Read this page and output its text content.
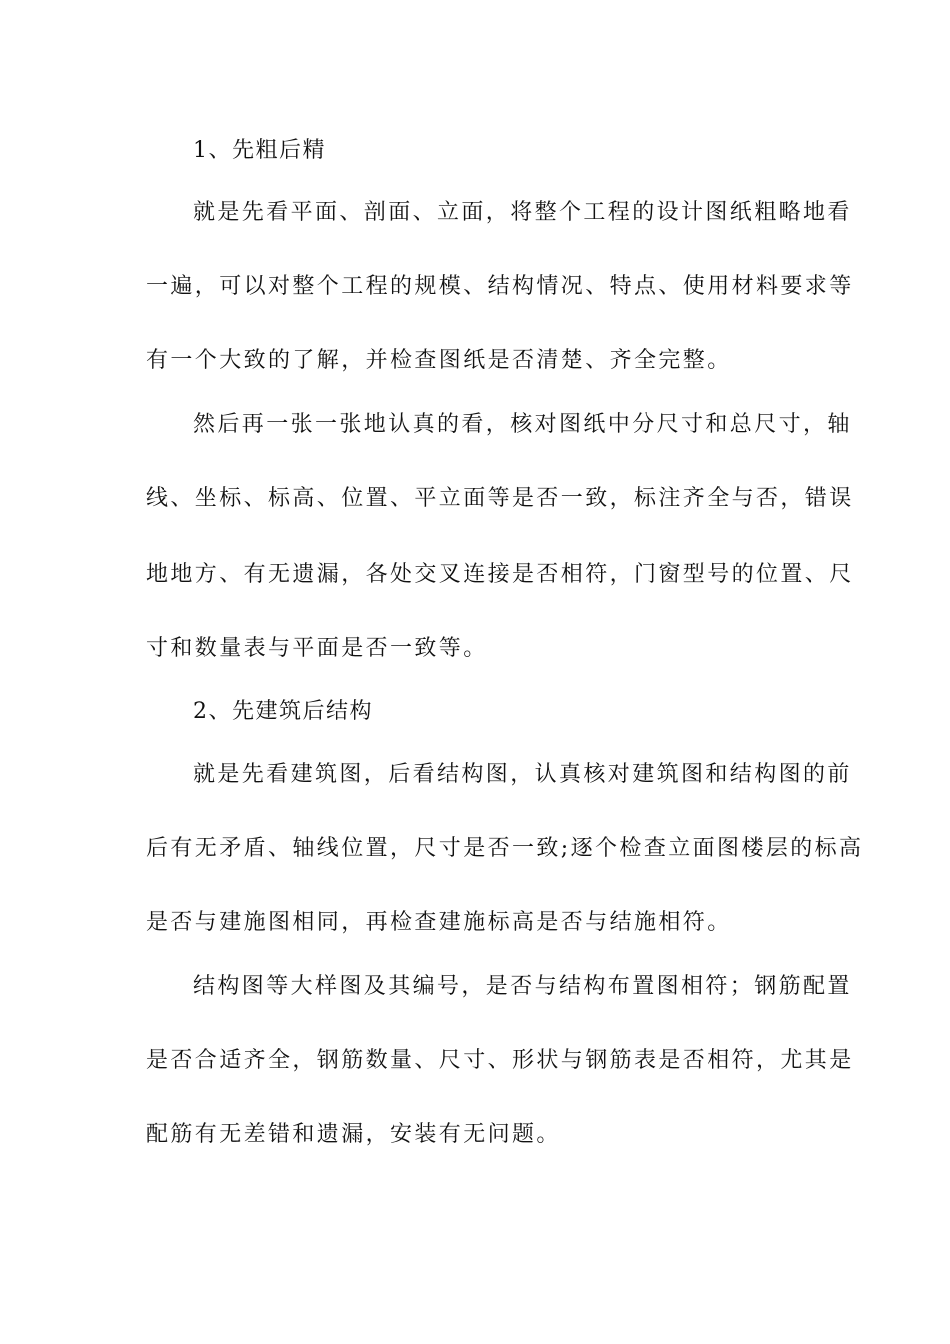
1、先粗后精
就是先看平面、剖面、立面，将整个工程的设计图纸粗略地看
一遍，可以对整个工程的规模、结构情况、特点、使用材料要求等
有一个大致的了解，并检查图纸是否清楚、齐全完整。
然后再一张一张地认真的看，核对图纸中分尺寸和总尺寸，轴
线、坐标、标高、位置、平立面等是否一致，标注齐全与否，错误
地地方、有无遗漏，各处交叉连接是否相符，门窗型号的位置、尺
寸和数量表与平面是否一致等。
2、先建筑后结构
就是先看建筑图，后看结构图，认真核对建筑图和结构图的前
后有无矛盾、轴线位置，尺寸是否一致;逐个检查立面图楼层的标高
是否与建施图相同，再检查建施标高是否与结施相符。
结构图等大样图及其编号，是否与结构布置图相符；钢筋配置
是否合适齐全，钢筋数量、尺寸、形状与钢筋表是否相符，尤其是
配筋有无差错和遗漏，安装有无问题。
